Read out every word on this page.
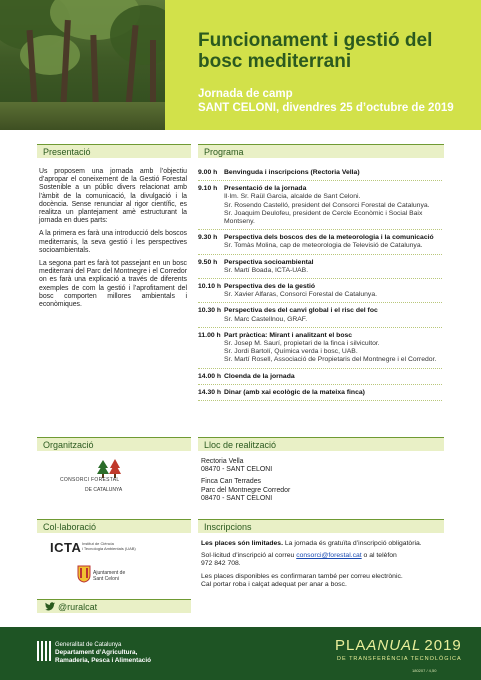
Funcionament i gestió del bosc mediterrani
Jornada de camp
SANT CELONI, divendres 25 d’octubre de 2019
Presentació

Us proposem una jornada amb l’objectiu d’apropar el coneixement de la Gestió Forestal Sostenible a un públic divers relacionat amb l’àmbit de la comunicació, la divulgació i la docència. Sense renunciar al rigor científic, es realitza un plantejament amè estructurant la jornada en dues parts:

A la primera es farà una introducció dels boscos mediterranis, la seva gestió i les perspectives socioambientals.

La segona part es farà tot passejant en un bosc mediterrani del Parc del Montnegre i el Corredor on es farà una explicació a través de diferents exemples de com la gestió i l’aprofitament del bosc comporten millores ambientals i econòmiques.

Programa
9.00 h Benvinguda i inscripcions (Rectoria Vella)
9.10 h Presentació de la jornada
Il·lm. Sr. Raül Garcia, alcalde de Sant Celoni.
Sr. Rosendo Castelló, president del Consorci Forestal de Catalunya.
Sr. Joaquim Deulofeu, president de Cercle Econòmic i Social Baix Montseny.
9.30 h Perspectiva dels boscos des de la meteorologia i la comunicació
Sr. Tomàs Molina, cap de meteorologia de Televisió de Catalunya.
9.50 h Perspectiva socioambiental
Sr. Martí Boada, ICTA-UAB.
10.10 h Perspectiva des de la gestió
Sr. Xavier Alfaras, Consorci Forestal de Catalunya.
10.30 h Perspectiva des del canvi global i el risc del foc
Sr. Marc Castellnou, GRAF.
11.00 h Part pràctica: Mirant i analitzant el bosc
Sr. Josep M. Saurí, propietari de la finca i silvicultor.
Sr. Jordi Bartolí, Química verda i bosc, UAB.
Sr. Martí Rosell, Associació de Propietaris del Montnegre i el Corredor.
14.00 h Cloenda de la jornada
14.30 h Dinar (amb xai ecològic de la mateixa finca)
Organització
CONSORCI FORESTAL
DE CATALUNYA
Lloc de realització
Rectoria Vella
08470 - SANT CELONI
Finca Can Terrades
Parc del Montnegre Corredor
08470 - SANT CELONI
Col·laboració
ICTA Institut de Ciència
i Tecnologia Ambientals (UAB)
Ajuntament de
Sant Celoni
Inscripcions

Les places són limitades. La jornada és gratuïta d’inscripció obligatòria.

Sol·licitud d’inscripció al correu consorci@forestal.cat o al telèfon
972 842 708.

Les places disponibles es confirmaran també per correu electrònic.

Cal portar roba i calçat adequat per anar a bosc.

@ruralcat
Generalitat de Catalunya
Departament d’Agricultura,
Ramaderia, Pesca i Alimentació
PLAANUAL 2019
DE TRANSFERÈNCIA TECNOLÒGICA
180207 / 4,50
